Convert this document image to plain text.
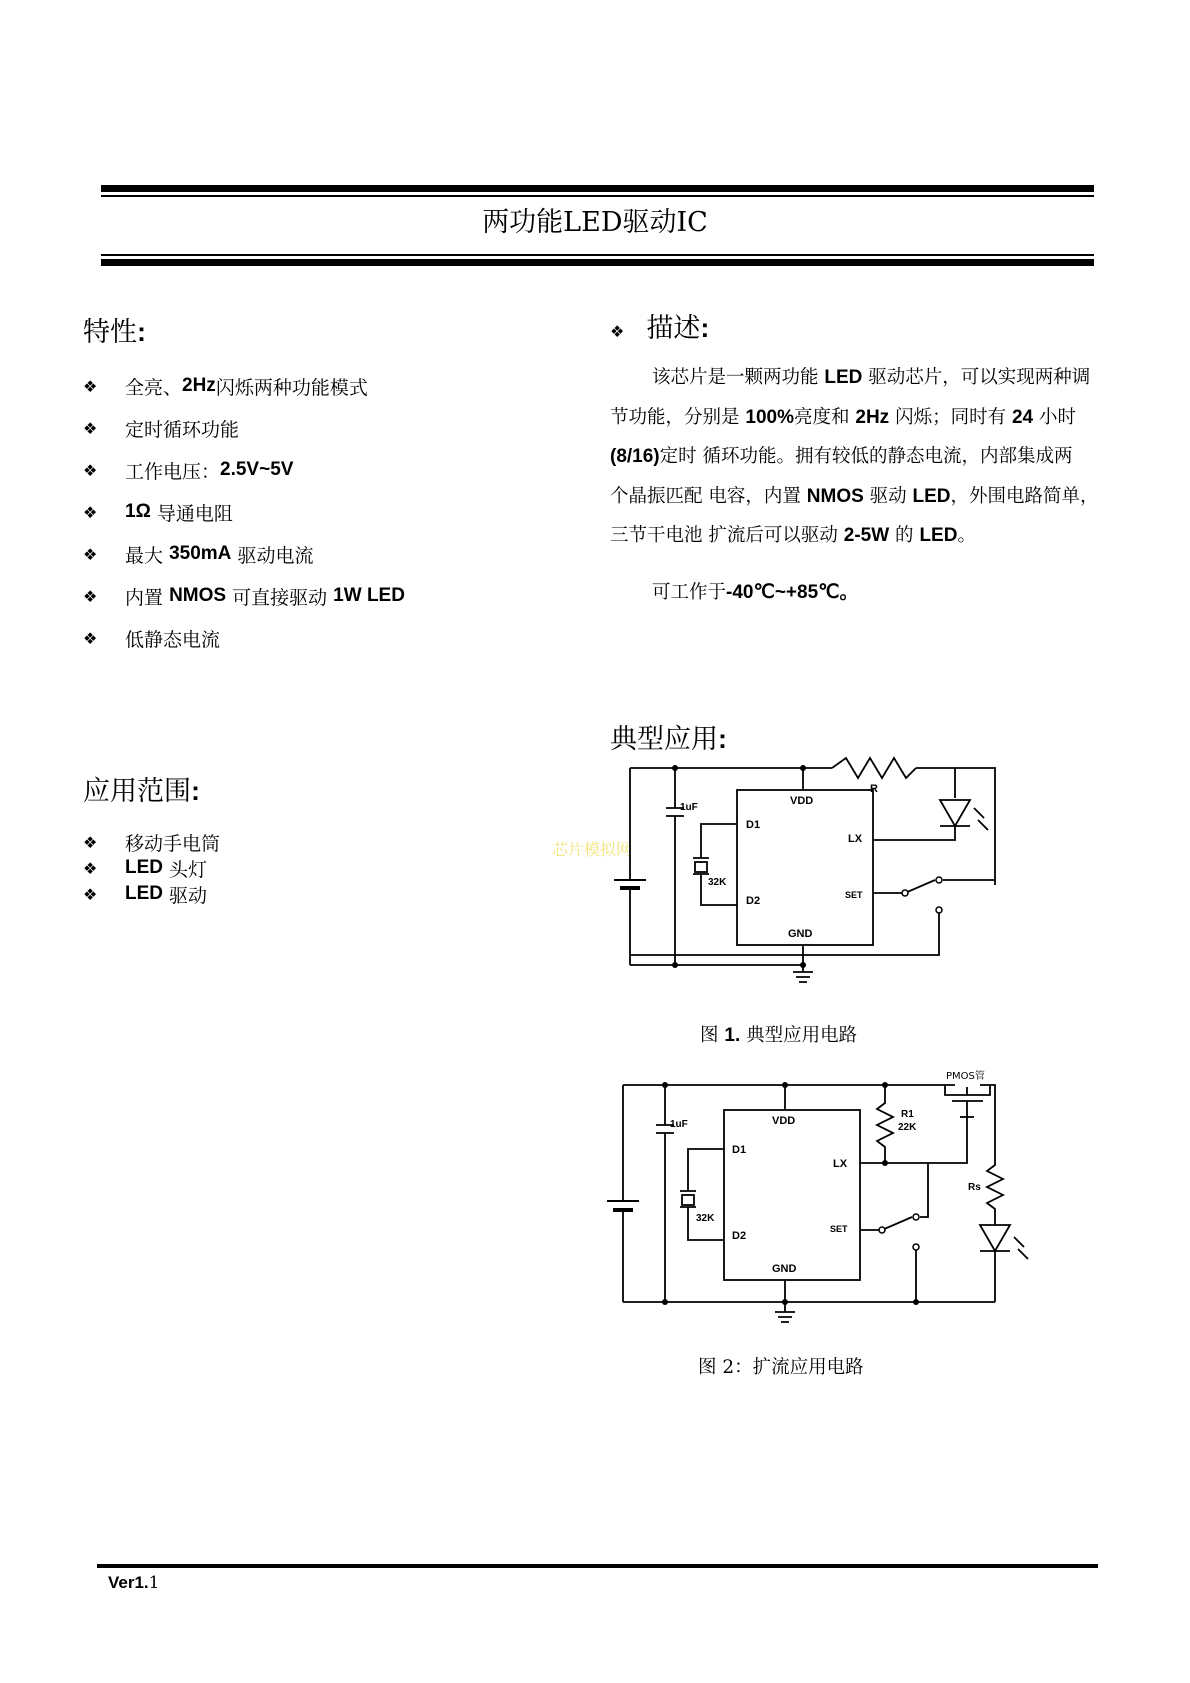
两功能LED驱动IC
特性:
❖	全亮、 2Hz 闪烁两种功能模式
❖	定时循环功能
❖	工作电压： 2.5V~5V
❖	1Ω
导通电阻
❖	最大
350mA
驱动电流
❖	内置
NMOS
可直接驱动
1W LED
❖	低静态电流
应用范围:
❖	移动手电筒
❖	LED
头灯
❖	LED
驱动
❖ 描述:
该芯片是一颗两功能 LED 驱动芯片，可以实现两种调
节功能，分别是 100%亮度和 2Hz 闪烁；同时有 24 小时
(8/16)定时 循环功能。拥有较低的静态电流，内部集成两
个晶振匹配 电容，内置 NMOS 驱动 LED，外围电路简单，
三节干电池 扩流后可以驱动 2-5W 的 LED。
可工作于-40℃~+85℃。
典型应用:
芯片模拟网
VDD
D1
LX
SET
D2
GND
1uF
32K
R
图 1. 典型应用电路
VDD
D1
LX
SET
D2
GND
1uF
32K
R1
22K
Rs
PMOS管
图 2：扩流应用电路
Ver1.1
